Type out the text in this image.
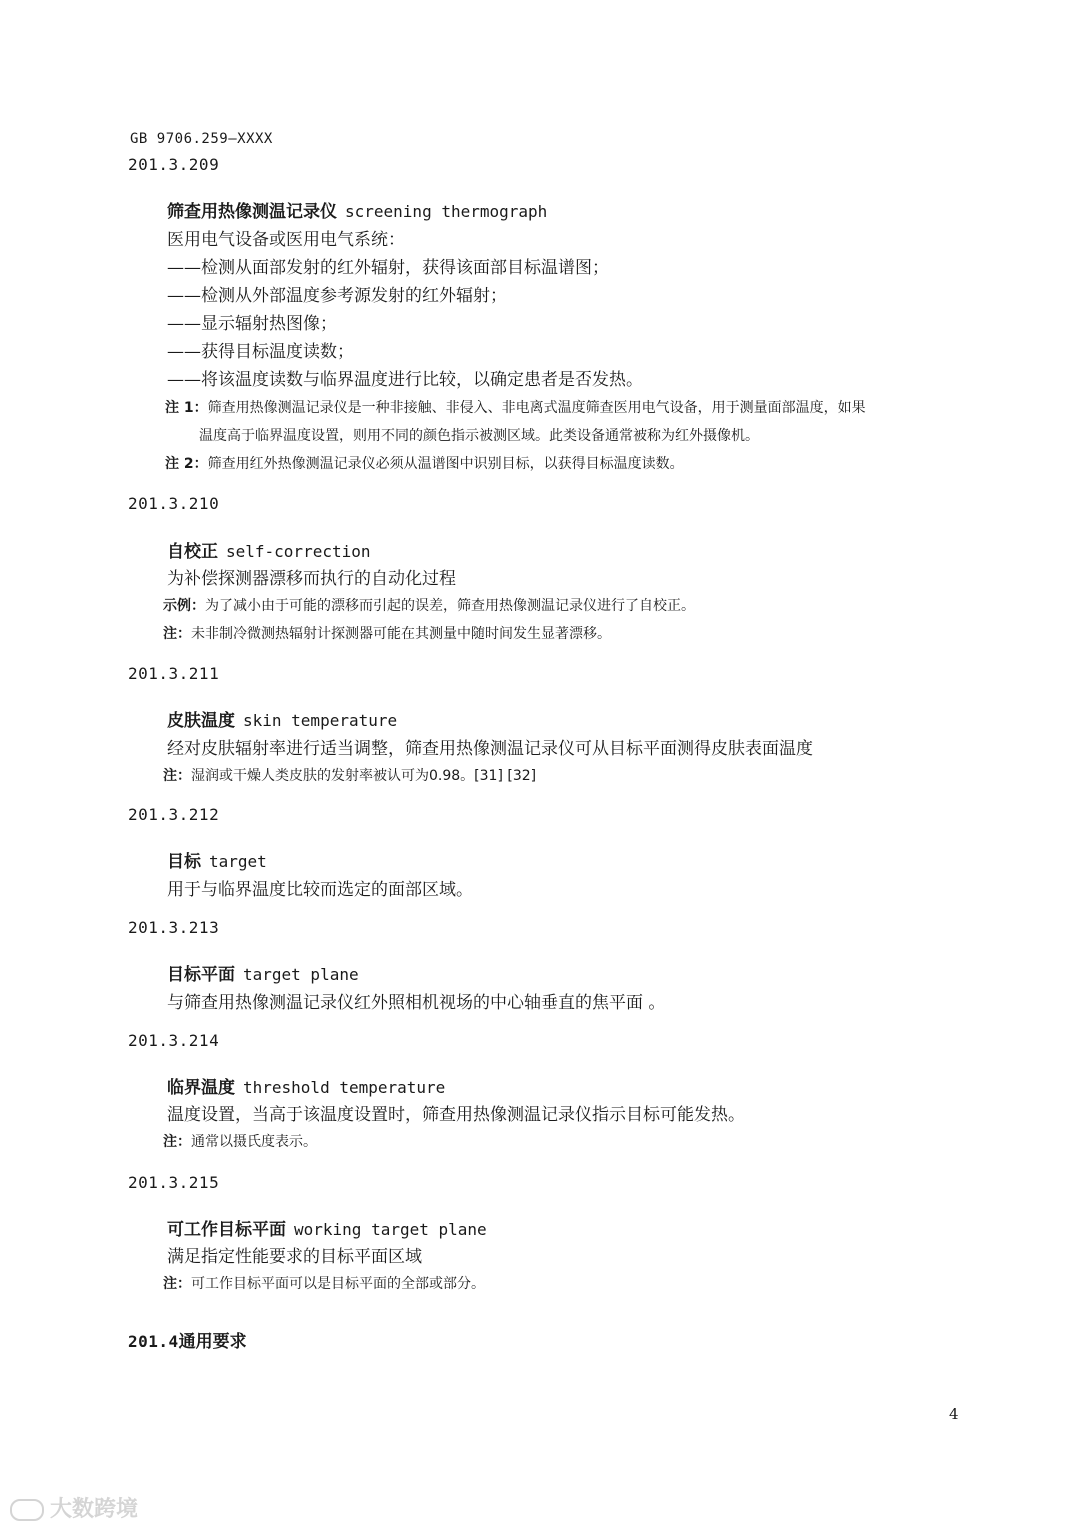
GB 9706.259—XXXX
201.3.209
筛查用热像测温记录仪 screening thermograph
医用电气设备或医用电气系统：
——检测从面部发射的红外辐射，获得该面部目标温谱图；
——检测从外部温度参考源发射的红外辐射；
——显示辐射热图像；
——获得目标温度读数；
——将该温度读数与临界温度进行比较，以确定患者是否发热。
注 1：筛查用热像测温记录仪是一种非接触、非侵入、非电离式温度筛查医用电气设备，用于测量面部温度，如果
温度高于临界温度设置，则用不同的颜色指示被测区域。此类设备通常被称为红外摄像机。
注 2：筛查用红外热像测温记录仪必须从温谱图中识别目标，以获得目标温度读数。
201.3.210
自校正 self-correction
为补偿探测器漂移而执行的自动化过程
示例：为了减小由于可能的漂移而引起的误差，筛查用热像测温记录仪进行了自校正。
注：未非制冷微测热辐射计探测器可能在其测量中随时间发生显著漂移。
201.3.211
皮肤温度 skin temperature
经对皮肤辐射率进行适当调整，筛查用热像测温记录仪可从目标平面测得皮肤表面温度
注：湿润或干燥人类皮肤的发射率被认可为0.98。[31] [32]
201.3.212
目标 target
用于与临界温度比较而选定的面部区域。
201.3.213
目标平面 target plane
与筛查用热像测温记录仪红外照相机视场的中心轴垂直的焦平面 。
201.3.214
临界温度 threshold temperature
温度设置，当高于该温度设置时，筛查用热像测温记录仪指示目标可能发热。
注：通常以摄氏度表示。
201.3.215
可工作目标平面 working target plane
满足指定性能要求的目标平面区域
注：可工作目标平面可以是目标平面的全部或部分。
201.4通用要求
4
大数跨境
